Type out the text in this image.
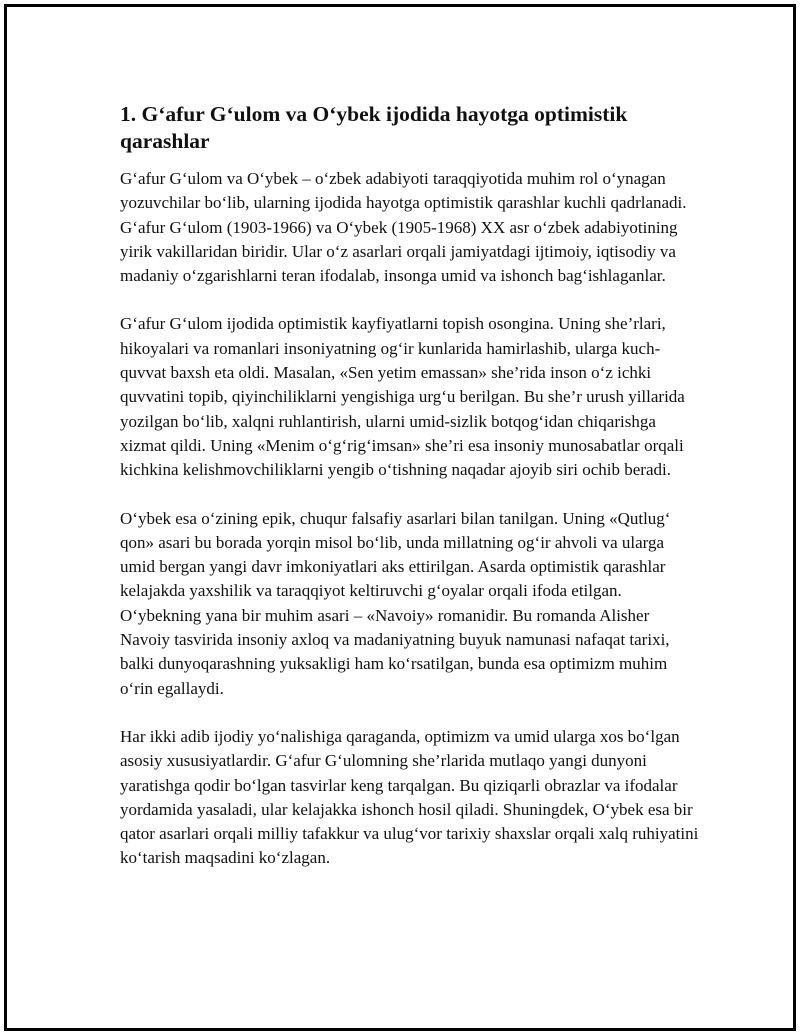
1. G‘afur G‘ulom va O‘ybek ijodida hayotga optimistik qarashlar

G‘afur G‘ulom va O‘ybek – o‘zbek adabiyoti taraqqiyotida muhim rol o‘ynagan yozuvchilar bo‘lib, ularning ijodida hayotga optimistik qarashlar kuchli qadrlanadi. G‘afur G‘ulom (1903-1966) va O‘ybek (1905-1968) XX asr o‘zbek adabiyotining yirik vakillaridan biridir. Ular o‘z asarlari orqali jamiyatdagi ijtimoiy, iqtisodiy va madaniy o‘zgarishlarni teran ifodalab, insonga umid va ishonch bag‘ishlaganlar.

G‘afur G‘ulom ijodida optimistik kayfiyatlarni topish osongina. Uning she’rlari, hikoyalari va romanlari insoniyatning og‘ir kunlarida hamirlashib, ularga kuch-quvvat baxsh eta oldi. Masalan, «Sen yetim emassan» she’rida inson o‘z ichki quvvatini topib, qiyinchiliklarni yengishiga urg‘u berilgan. Bu she’r urush yillarida yozilgan bo‘lib, xalqni ruhlantirish, ularni umid-sizlik botqog‘idan chiqarishga xizmat qildi. Uning «Menim o‘g‘rig‘imsan» she’ri esa insoniy munosabatlar orqali kichkina kelishmovchiliklarni yengib o‘tishning naqadar ajoyib siri ochib beradi.

O‘ybek esa o‘zining epik, chuqur falsafiy asarlari bilan tanilgan. Uning «Qutlug‘ qon» asari bu borada yorqin misol bo‘lib, unda millatning og‘ir ahvoli va ularga umid bergan yangi davr imkoniyatlari aks ettirilgan. Asarda optimistik qarashlar kelajakda yaxshilik va taraqqiyot keltiruvchi g‘oyalar orqali ifoda etilgan. O‘ybekning yana bir muhim asari – «Navoiy» romanidir. Bu romanda Alisher Navoiy tasvirida insoniy axloq va madaniyatning buyuk namunasi nafaqat tarixi, balki dunyoqarashning yuksakligi ham ko‘rsatilgan, bunda esa optimizm muhim o‘rin egallaydi.

Har ikki adib ijodiy yo‘nalishiga qaraganda, optimizm va umid ularga xos bo‘lgan asosiy xususiyatlardir. G‘afur G‘ulomning she’rlarida mutlaqo yangi dunyoni yaratishga qodir bo‘lgan tasvirlar keng tarqalgan. Bu qiziqarli obrazlar va ifodalar yordamida yasaladi, ular kelajakka ishonch hosil qiladi. Shuningdek, O‘ybek esa bir qator asarlari orqali milliy tafakkur va ulug‘vor tarixiy shaxslar orqali xalq ruhiyatini ko‘tarish maqsadini ko‘zlagan.
